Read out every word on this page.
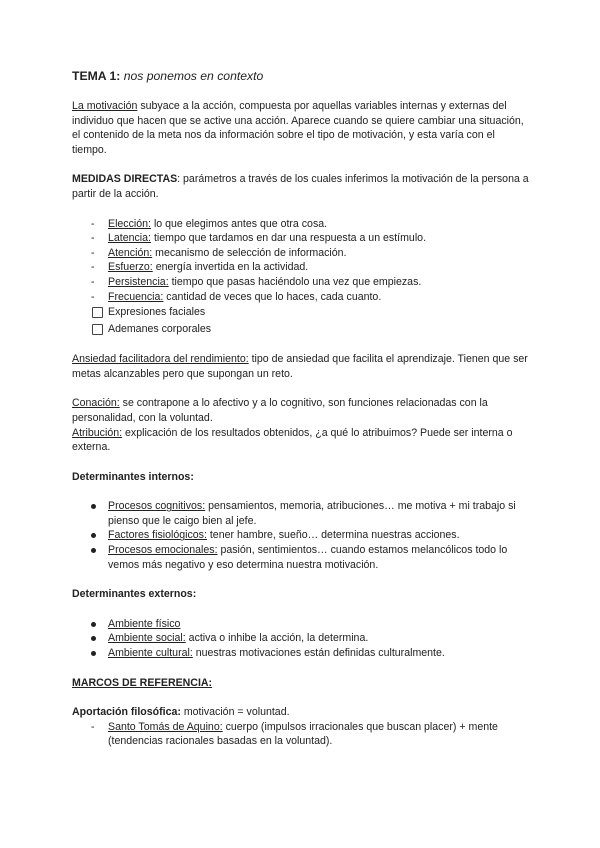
TEMA 1: nos ponemos en contexto

La motivación subyace a la acción, compuesta por aquellas variables internas y externas del individuo que hacen que se active una acción. Aparece cuando se quiere cambiar una situación, el contenido de la meta nos da información sobre el tipo de motivación, y esta varía con el tiempo.

MEDIDAS DIRECTAS: parámetros a través de los cuales inferimos la motivación de la persona a partir de la acción.

- Elección: lo que elegimos antes que otra cosa.
- Latencia: tiempo que tardamos en dar una respuesta a un estímulo.
- Atención: mecanismo de selección de información.
- Esfuerzo: energía invertida en la actividad.
- Persistencia: tiempo que pasas haciéndolo una vez que empiezas.
- Frecuencia: cantidad de veces que lo haces, cada cuanto.
Expresiones faciales
Ademanes corporales

Ansiedad facilitadora del rendimiento: tipo de ansiedad que facilita el aprendizaje. Tienen que ser metas alcanzables pero que supongan un reto.

Conación: se contrapone a lo afectivo y a lo cognitivo, son funciones relacionadas con la personalidad, con la voluntad.

Atribución: explicación de los resultados obtenidos, ¿a qué lo atribuimos? Puede ser interna o externa.

Determinantes internos:

Procesos cognitivos: pensamientos, memoria, atribuciones… me motiva + mi trabajo si pienso que le caigo bien al jefe.
Factores fisiológicos: tener hambre, sueño… determina nuestras acciones.
Procesos emocionales: pasión, sentimientos… cuando estamos melancólicos todo lo vemos más negativo y eso determina nuestra motivación.

Determinantes externos:

Ambiente físico
Ambiente social: activa o inhibe la acción, la determina.
Ambiente cultural: nuestras motivaciones están definidas culturalmente.

MARCOS DE REFERENCIA:

Aportación filosófica: motivación = voluntad.

- Santo Tomás de Aquino: cuerpo (impulsos irracionales que buscan placer) + mente (tendencias racionales basadas en la voluntad).
